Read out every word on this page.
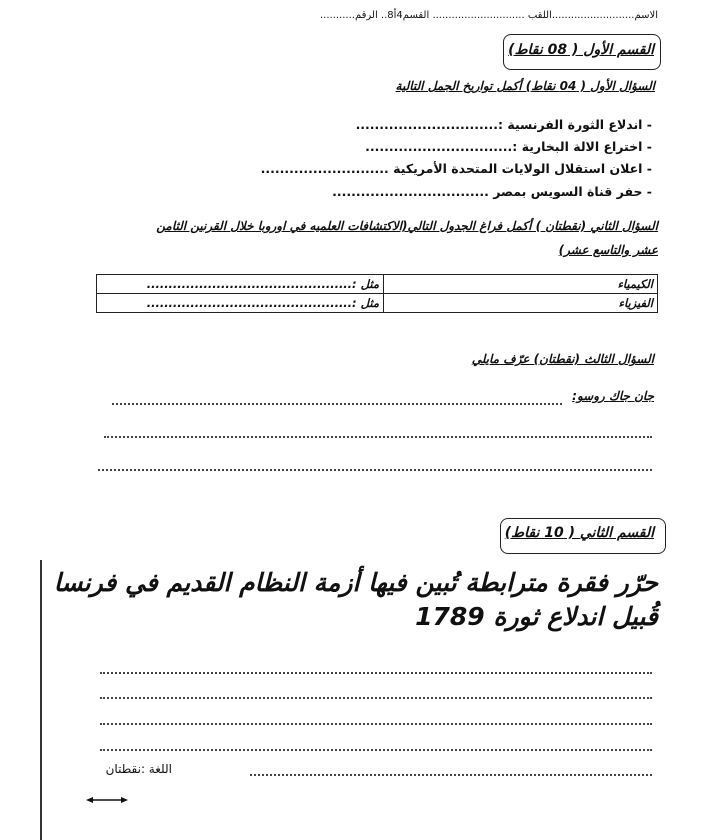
الاسم..........................اللقب ............................. القسم4أ8.. الرقم...........
القسم الأول ( 08 نقاط)
السؤال الأول ( 04 نقاط) أكمل تواريخ الجمل التالية
- اندلاع الثورة الفرنسية :..............................
- اختراع الالة البخارية :...............................
- اعلان استقلال الولايات المتحدة الأمريكية ...........................
- حفر قناة السويس بمصر .................................
السؤال الثاني (نقطتان ) أكمل فراغ الجدول التالي(الاكتشافات العلميه في اوروبا خلال القرنين الثامن
عشر والتاسع عشر)
الكيمياء	مثل :...............................................
الفيزياء	مثل :...............................................
السؤال الثالث (نقطتان) عرّف مايلي
جان جاك روسو:
القسم الثاني ( 10 نقاط)
حرّر فقرة مترابطة تُبين فيها أزمة النظام القديم في فرنسا
قُبيل اندلاع ثورة 1789
اللغة :نقطتان
